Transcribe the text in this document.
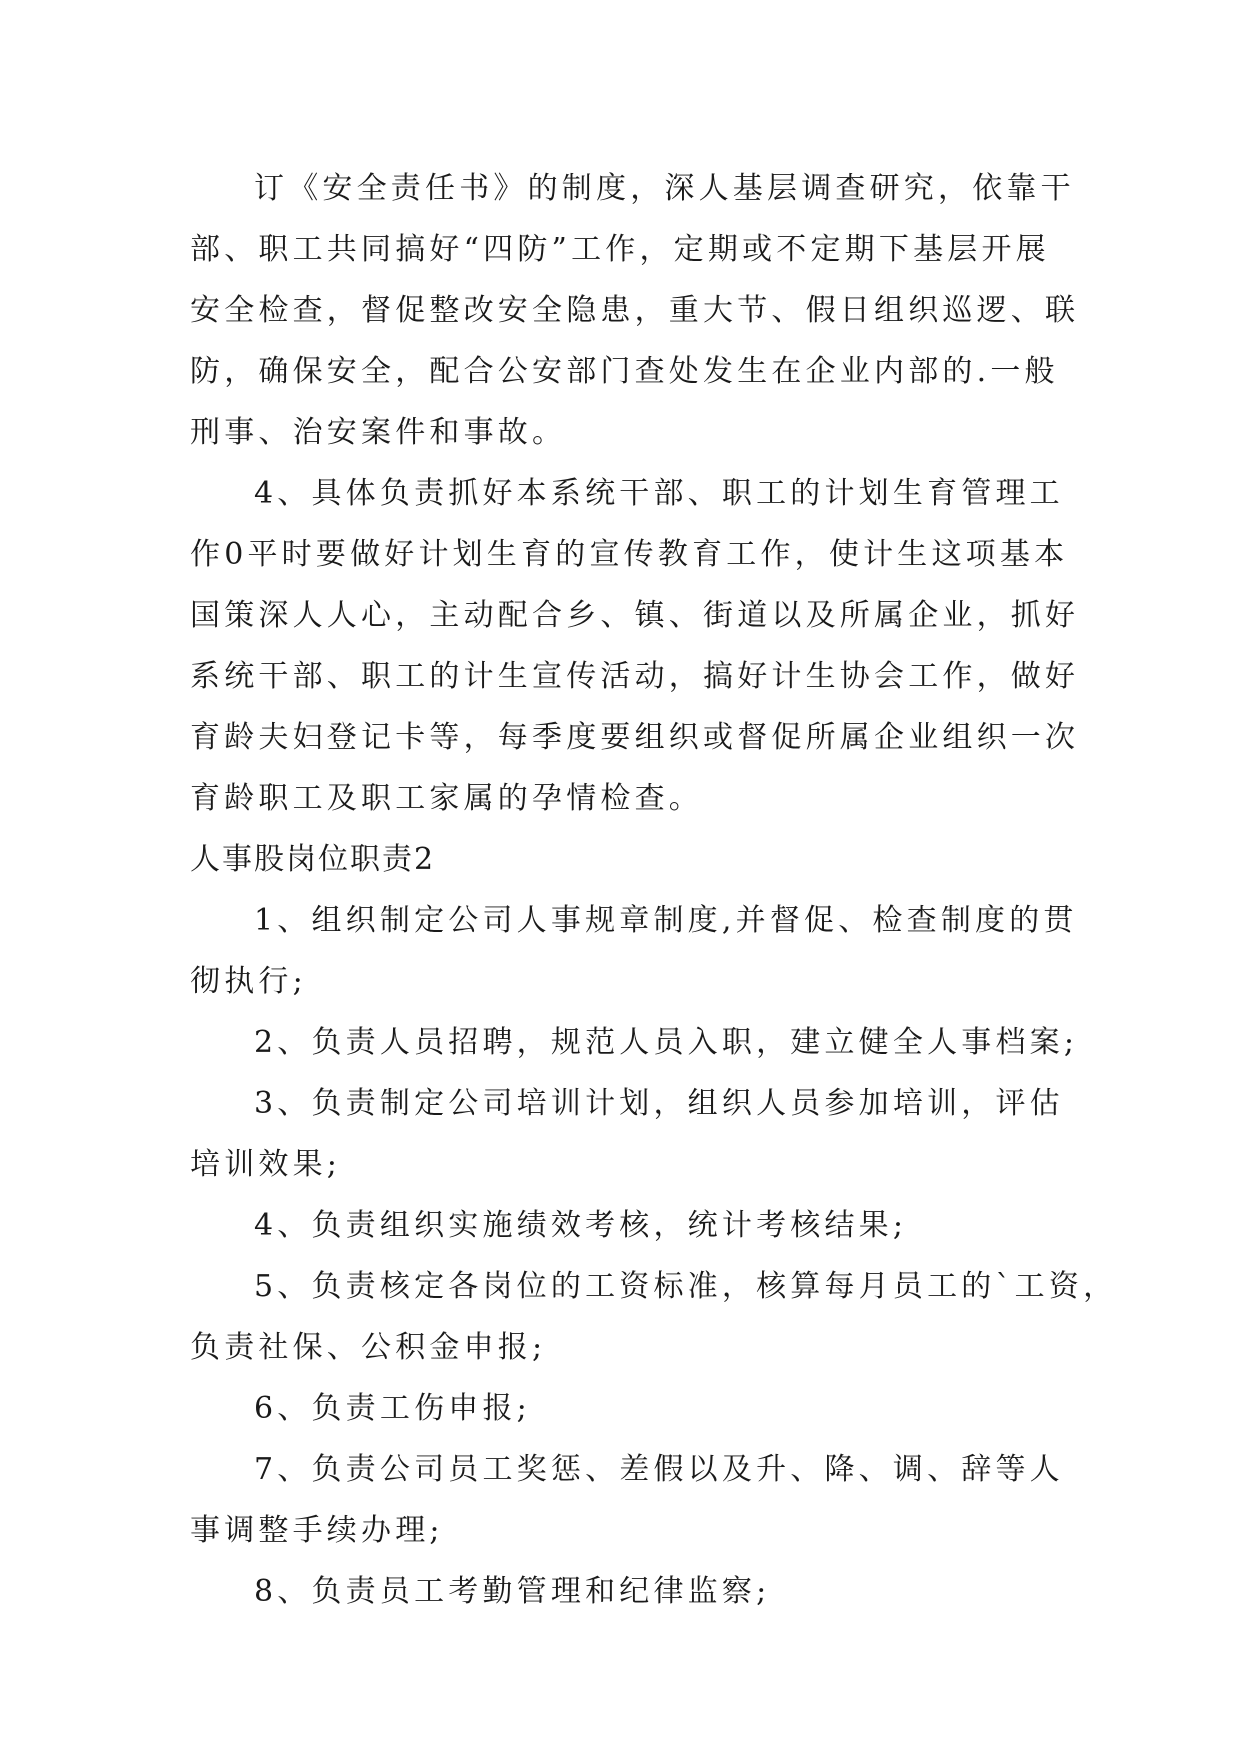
订《安全责任书》的制度，深人基层调查研究，依靠干
部、职工共同搞好“四防”工作，定期或不定期下基层开展
安全检查，督促整改安全隐患，重大节、假日组织巡逻、联
防，确保安全，配合公安部门查处发生在企业内部的.一般
刑事、治安案件和事故。
4、具体负责抓好本系统干部、职工的计划生育管理工
作0平时要做好计划生育的宣传教育工作，使计生这项基本
国策深人人心，主动配合乡、镇、街道以及所属企业，抓好
系统干部、职工的计生宣传活动，搞好计生协会工作，做好
育龄夫妇登记卡等，每季度要组织或督促所属企业组织一次
育龄职工及职工家属的孕情检查。
人事股岗位职责2
1、组织制定公司人事规章制度,并督促、检查制度的贯
彻执行;
2、负责人员招聘，规范人员入职，建立健全人事档案;
3、负责制定公司培训计划，组织人员参加培训，评估
培训效果;
4、负责组织实施绩效考核，统计考核结果;
5、负责核定各岗位的工资标准，核算每月员工的`工资，
负责社保、公积金申报;
6、负责工伤申报;
7、负责公司员工奖惩、差假以及升、降、调、辞等人
事调整手续办理;
8、负责员工考勤管理和纪律监察;
